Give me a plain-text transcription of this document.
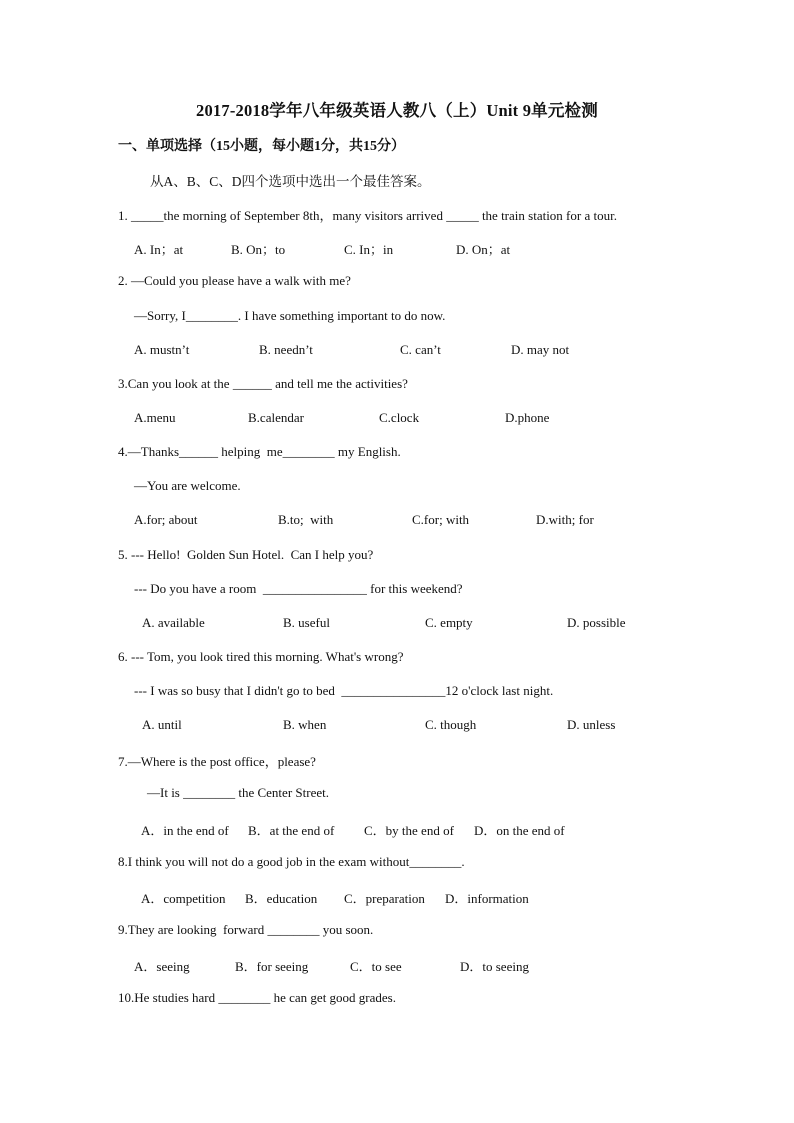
2017-2018学年八年级英语人教八（上）Unit 9单元检测
一、单项选择（15小题，每小题1分，共15分）
从A、B、C、D四个选项中选出一个最佳答案。
1. _____the morning of September 8th，many visitors arrived _____ the train station for a tour.
A. In；at	B. On；to	C. In；in	D. On；at
2. —Could you please have a walk with me?
—Sorry, I________. I have something important to do now.
A. mustn’t	B. needn’t	C. can’t	D. may not
3.Can you look at the ______ and tell me the activities?
A.menu	B.calendar	C.clock	D.phone
4.—Thanks______ helping  me________ my English.
—You are welcome.
A.for; about	B.to;  with	C.for; with	D.with; for
5. --- Hello!  Golden Sun Hotel.  Can I help you?
--- Do you have a room  ________________ for this weekend?
A. available	B. useful	C. empty	D. possible
6. --- Tom, you look tired this morning. What's wrong?
--- I was so busy that I didn't go to bed  ________________12 o'clock last night.
A. until	B. when	C. though	D. unless
7.—Where is the post office，please?
—It is ________ the Center Street.
A．in the end of B．at the end of C．by the end of D．on the end of
8.I think you will not do a good job in the exam without________.
A．competition B．education C．preparation D．information
9.They are looking  forward ________ you soon.
A．seeing	B．for seeing	C．to see	D．to seeing
10.He studies hard ________ he can get good grades.
